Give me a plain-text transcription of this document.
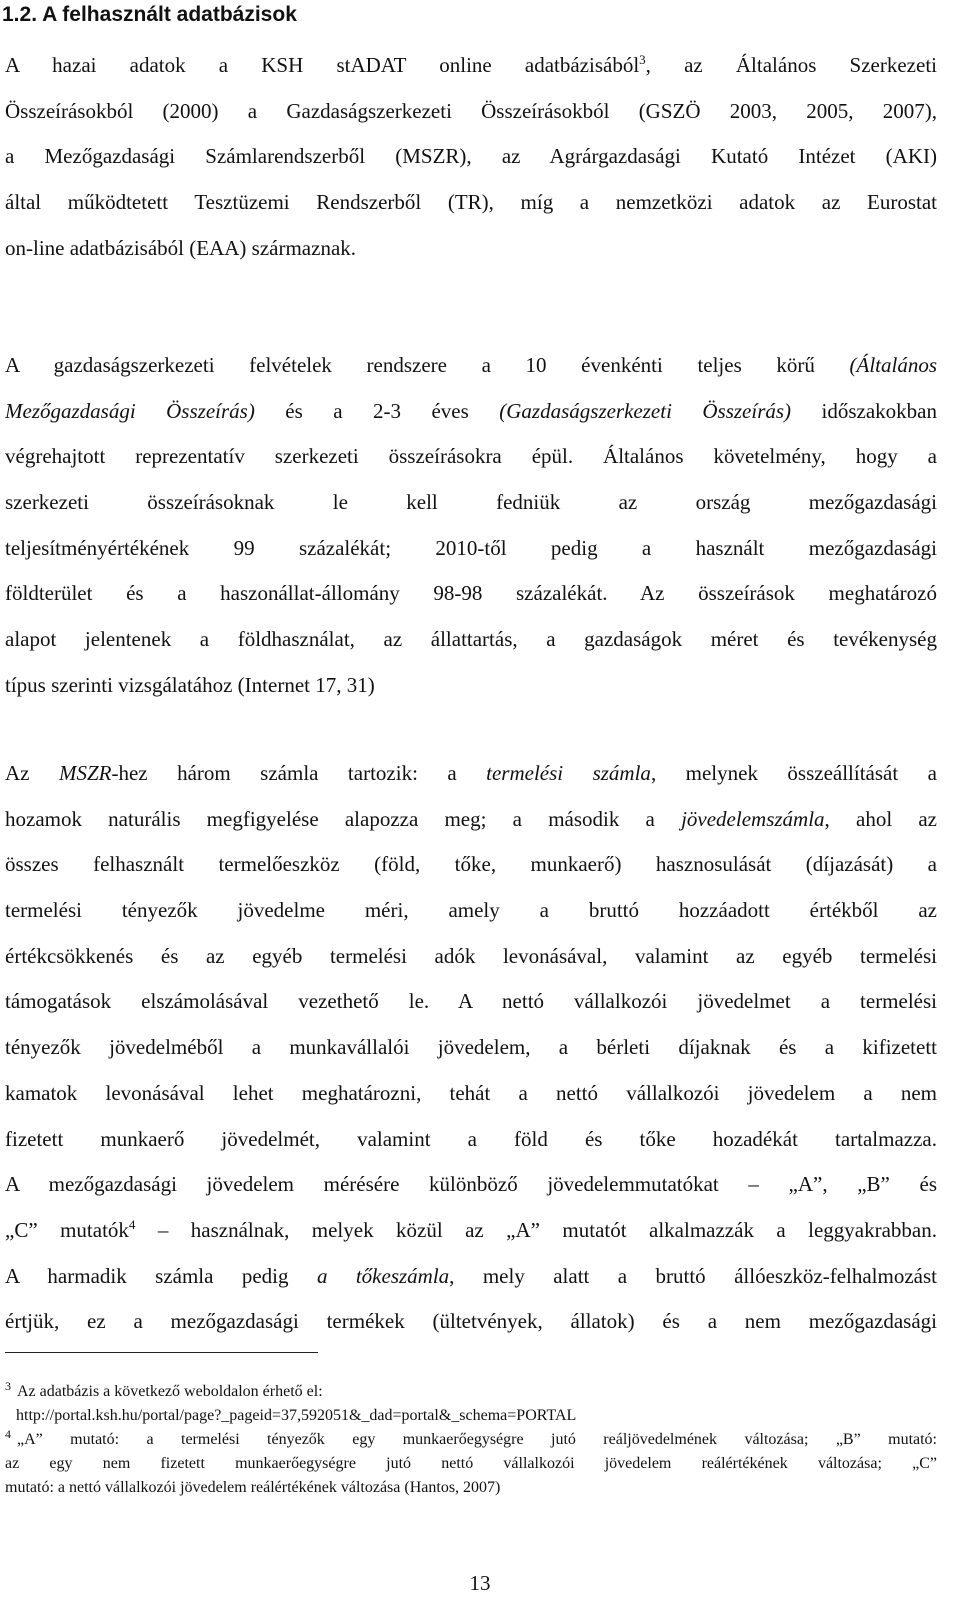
1.2. A felhasznált adatbázisok
A hazai adatok a KSH stADAT online adatbázisából$^3$, az Általános Szerkezeti
Összeírásokból (2000) a Gazdaságszerkezeti Összeírásokból (GSZÖ 2003, 2005, 2007),
a Mezőgazdasági Számlarendszerből (MSZR), az Agrárgazdasági Kutató Intézet (AKI)
által működtetett Tesztüzemi Rendszerből (TR), míg a nemzetközi adatok az Eurostat
on-line adatbázisából (EAA) származnak.
A gazdaságszerkezeti felvételek rendszere a 10 évenkénti teljes körű (Általános
Mezőgazdasági Összeírás) és a 2-3 éves (Gazdaságszerkezeti Összeírás) időszakokban
végrehajtott reprezentatív szerkezeti összeírásokra épül. Általános követelmény, hogy a
szerkezeti összeírásoknak le kell fedniük az ország mezőgazdasági
teljesítményértékének 99 százalékát; 2010-től pedig a használt mezőgazdasági
földterület és a haszonállat-állomány 98-98 százalékát. Az összeírások meghatározó
alapot jelentenek a földhasználat, az állattartás, a gazdaságok méret és tevékenység
típus szerinti vizsgálatához (Internet 17, 31)
Az MSZR-hez három számla tartozik: a termelési számla, melynek összeállítását a
hozamok naturális megfigyelése alapozza meg; a második a jövedelemszámla, ahol az
összes felhasznált termelőeszköz (föld, tőke, munkaerő) hasznosulását (díjazását) a
termelési tényezők jövedelme méri, amely a bruttó hozzáadott értékből az
értékcsökkenés és az egyéb termelési adók levonásával, valamint az egyéb termelési
támogatások elszámolásával vezethető le. A nettó vállalkozói jövedelmet a termelési
tényezők jövedelméből a munkavállalói jövedelem, a bérleti díjaknak és a kifizetett
kamatok levonásával lehet meghatározni, tehát a nettó vállalkozói jövedelem a nem
fizetett munkaerő jövedelmét, valamint a föld és tőke hozadékát tartalmazza.
A mezőgazdasági jövedelem mérésére különböző jövedelemmutatókat – „A”, „B” és
„C” mutatók$^4$ – használnak, melyek közül az „A” mutatót alkalmazzák a leggyakrabban.
A harmadik számla pedig a tőkeszámla, mely alatt a bruttó állóeszköz-felhalmozást
értjük, ez a mezőgazdasági termékek (ültetvények, állatok) és a nem mezőgazdasági
$^3$ Az adatbázis a következő weboldalon érhető el:
http://portal.ksh.hu/portal/page?_pageid=37,592051&_dad=portal&_schema=PORTAL
$^4$ „A” mutató: a termelési tényezők egy munkaerőegységre jutó reáljövedelmének változása; „B” mutató:
az egy nem fizetett munkaerőegységre jutó nettó vállalkozói jövedelem reálértékének változása; „C”
mutató: a nettó vállalkozói jövedelem reálértékének változása (Hantos, 2007)
13
